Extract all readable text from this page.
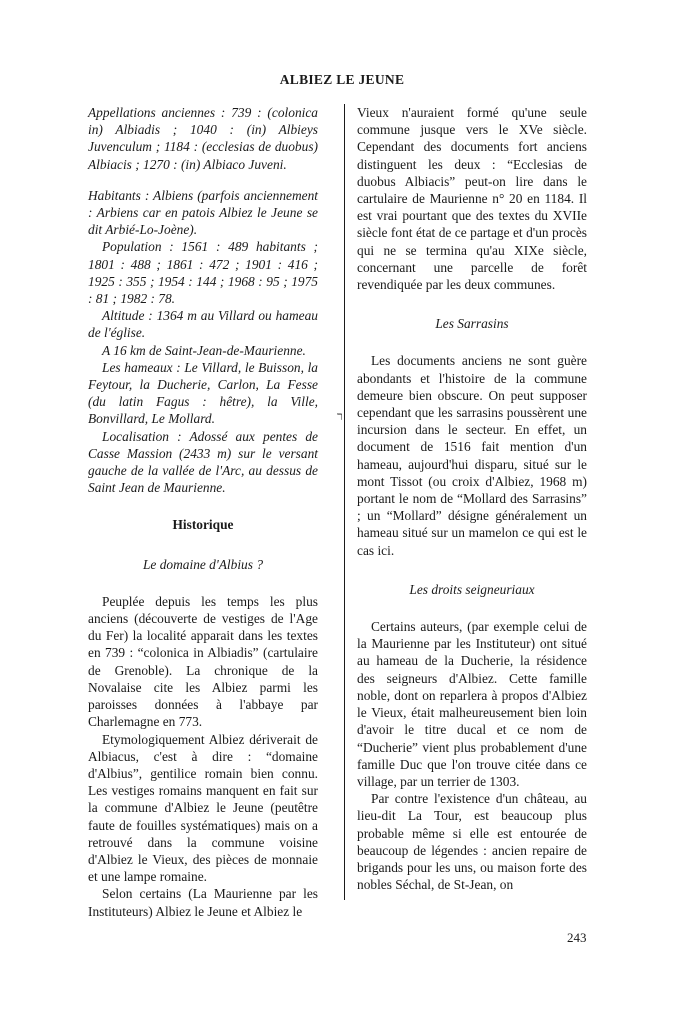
ALBIEZ LE JEUNE

Appellations anciennes : 739 : (colonica in) Albiadis ; 1040 : (in) Albieys Juvenculum ; 1184 : (ecclesias de duobus) Albiacis ; 1270 : (in) Albiaco Juveni.

Habitants : Albiens (parfois anciennement : Arbiens car en patois Albiez le Jeune se dit Arbié-Lo-Joène).

Population : 1561 : 489 habitants ; 1801 : 488 ; 1861 : 472 ; 1901 : 416 ; 1925 : 355 ; 1954 : 144 ; 1968 : 95 ; 1975 : 81 ; 1982 : 78.

Altitude : 1364 m au Villard ou hameau de l'église.

A 16 km de Saint-Jean-de-Maurienne.

Les hameaux : Le Villard, le Buisson, la Feytour, la Ducherie, Carlon, La Fesse (du latin Fagus : hêtre), la Ville, Bonvillard, Le Mollard.

Localisation : Adossé aux pentes de Casse Massion (2433 m) sur le versant gauche de la vallée de l'Arc, au dessus de Saint Jean de Maurienne.

Historique

Le domaine d'Albius ?

Peuplée depuis les temps les plus anciens (découverte de vestiges de l'Age du Fer) la localité apparait dans les textes en 739 : “colonica in Albiadis” (cartulaire de Grenoble). La chronique de la Novalaise cite les Albiez parmi les paroisses données à l'abbaye par Charlemagne en 773.

Etymologiquement Albiez dériverait de Albiacus, c'est à dire : “domaine d'Albius”, gentilice romain bien connu. Les vestiges romains manquent en fait sur la commune d'Albiez le Jeune (peutêtre faute de fouilles systématiques) mais on a retrouvé dans la commune voisine d'Albiez le Vieux, des pièces de monnaie et une lampe romaine.

Selon certains (La Maurienne par les Instituteurs) Albiez le Jeune et Albiez le

ר

Vieux n'auraient formé qu'une seule commune jusque vers le XVe siècle. Cependant des documents fort anciens distinguent les deux : “Ecclesias de duobus Albiacis” peut-on lire dans le cartulaire de Maurienne n° 20 en 1184. Il est vrai pourtant que des textes du XVIIe siècle font état de ce partage et d'un procès qui ne se termina qu'au XIXe siècle, concernant une parcelle de forêt revendiquée par les deux communes.

Les Sarrasins

Les documents anciens ne sont guère abondants et l'histoire de la commune demeure bien obscure. On peut supposer cependant que les sarrasins poussèrent une incursion dans le secteur. En effet, un document de 1516 fait mention d'un hameau, aujourd'hui disparu, situé sur le mont Tissot (ou croix d'Albiez, 1968 m) portant le nom de “Mollard des Sarrasins” ; un “Mollard” désigne généralement un hameau situé sur un mamelon ce qui est le cas ici.

Les droits seigneuriaux

Certains auteurs, (par exemple celui de la Maurienne par les Instituteur) ont situé au hameau de la Ducherie, la résidence des seigneurs d'Albiez. Cette famille noble, dont on reparlera à propos d'Albiez le Vieux, était malheureusement bien loin d'avoir le titre ducal et ce nom de “Ducherie” vient plus probablement d'une famille Duc que l'on trouve citée dans ce village, par un terrier de 1303.

Par contre l'existence d'un château, au lieu-dit La Tour, est beaucoup plus probable même si elle est entourée de beaucoup de légendes : ancien repaire de brigands pour les uns, ou maison forte des nobles Séchal, de St-Jean, on

243
